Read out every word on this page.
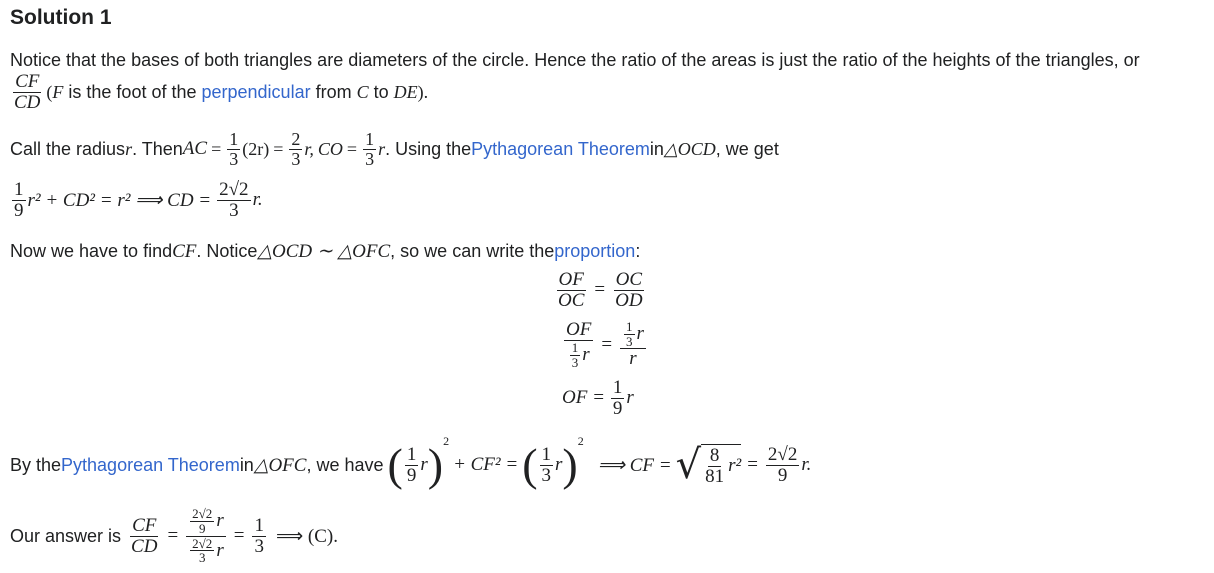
Solution 1
Notice that the bases of both triangles are diameters of the circle. Hence the ratio of the areas is just the ratio of the heights of the triangles, or
$\frac{CF}{CD} (F$ is the foot of the perpendicular from C to DE).
Call the radius r . Then AC = $\frac{1}{3} (2r) = \frac{2}{3} r$, CO = $\frac{1}{3}$ r . Using the Pythagorean Theorem in △OCD , we get
$\frac{1}{9} r^2 + CD^2 = r^2$ ⟹ CD = $\frac{2√2}{3} r$.
Now we have to find CF . Notice △OCD ∼ △OFC , so we can write the proportion :
$\frac{OF}{OC} = \frac{OC}{OD}$
$\frac{OF}{\frac{1}{3} r} = \frac{\frac{1}{3} r}{r}$
OF = $\frac{1}{9}$ r
By the Pythagorean Theorem in △OFC , we have ( $\frac{1}{9}$ r ) 2
+ CF² = ( $\frac{1}{3}$ r ) 2
⟹ CF = √ $\frac{8}{81} r^2 = \frac{2√2}{9} r$.
Our answer is $\frac{CF}{CD} = \frac{\frac{2√2}{9} r}{\frac{2√2}{3} r} = \frac{1}{3}$ ⟹ (C).
